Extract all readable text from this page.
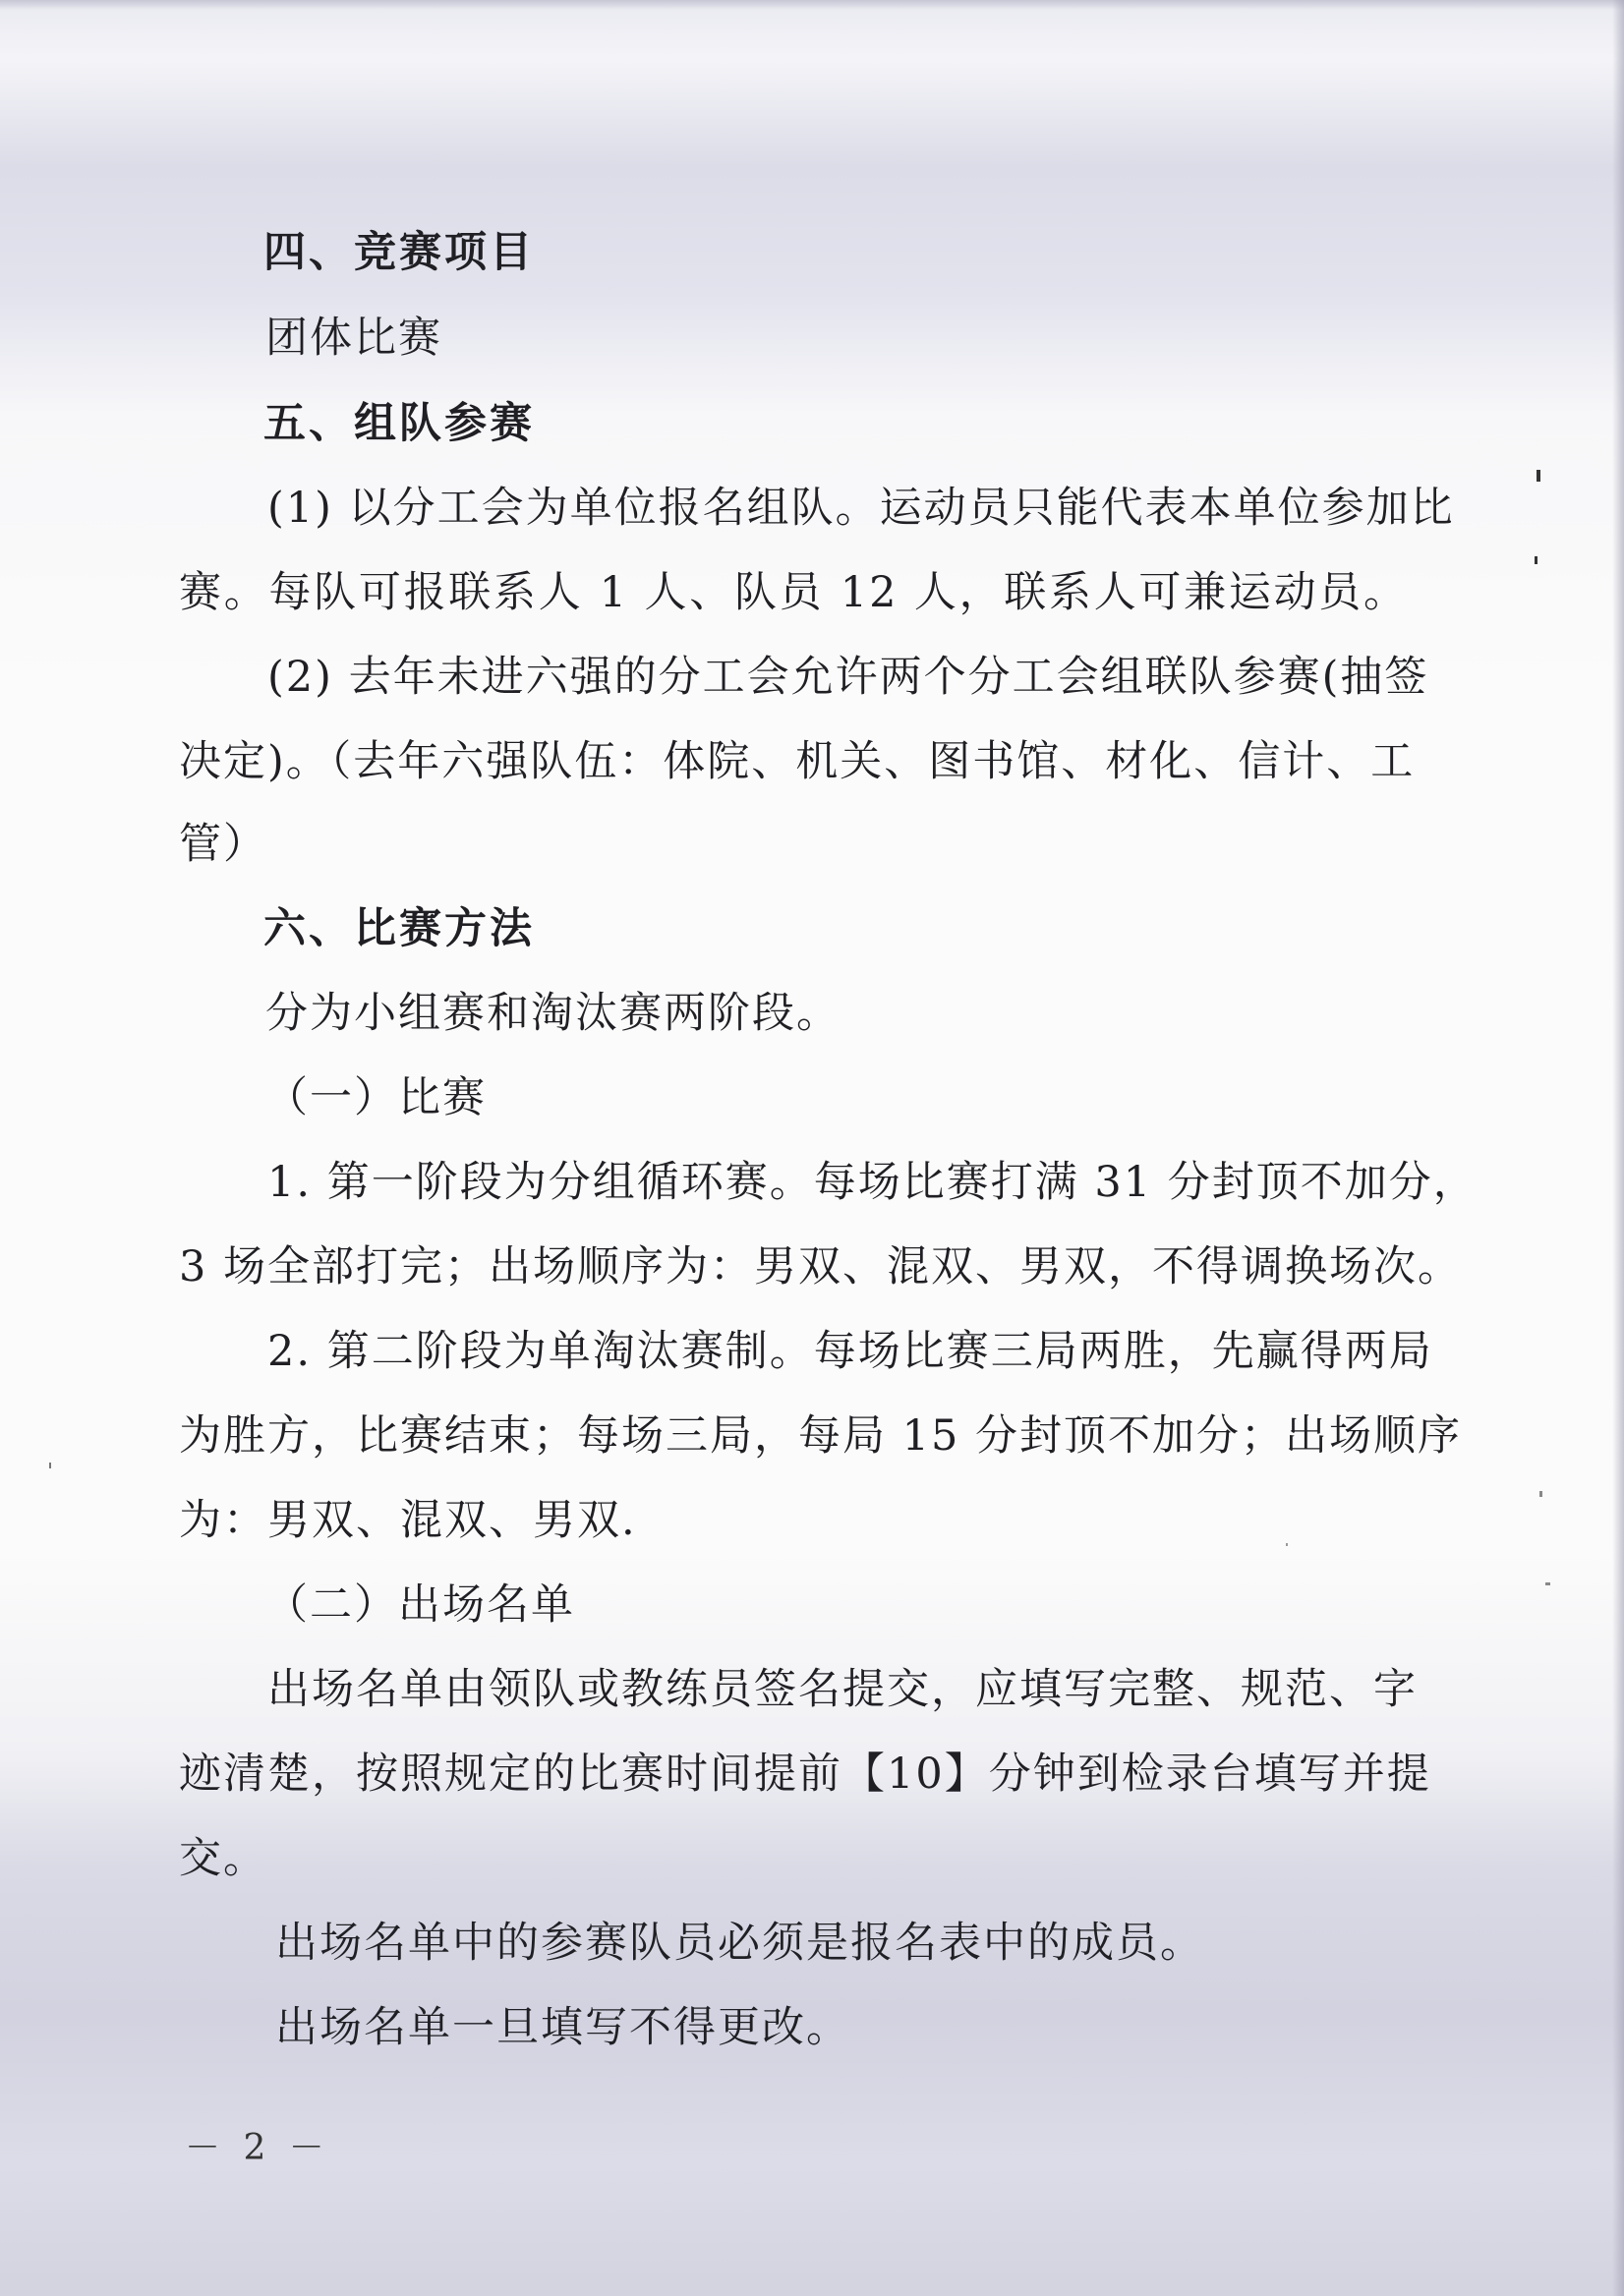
四、竞赛项目
团体比赛
五、组队参赛
(1) 以分工会为单位报名组队。运动员只能代表本单位参加比
赛。每队可报联系人 1 人、队员 12 人，联系人可兼运动员。
(2) 去年未进六强的分工会允许两个分工会组联队参赛(抽签
决定)。（去年六强队伍：体院、机关、图书馆、材化、信计、工
管）
六、比赛方法
分为小组赛和淘汰赛两阶段。
（一）比赛
1. 第一阶段为分组循环赛。每场比赛打满 31 分封顶不加分，
3 场全部打完；出场顺序为：男双、混双、男双，不得调换场次。
2. 第二阶段为单淘汰赛制。每场比赛三局两胜，先赢得两局
为胜方，比赛结束；每场三局，每局 15 分封顶不加分；出场顺序
为：男双、混双、男双.
（二）出场名单
出场名单由领队或教练员签名提交，应填写完整、规范、字
迹清楚，按照规定的比赛时间提前【10】分钟到检录台填写并提
交。
出场名单中的参赛队员必须是报名表中的成员。
出场名单一旦填写不得更改。
－ 2 －
